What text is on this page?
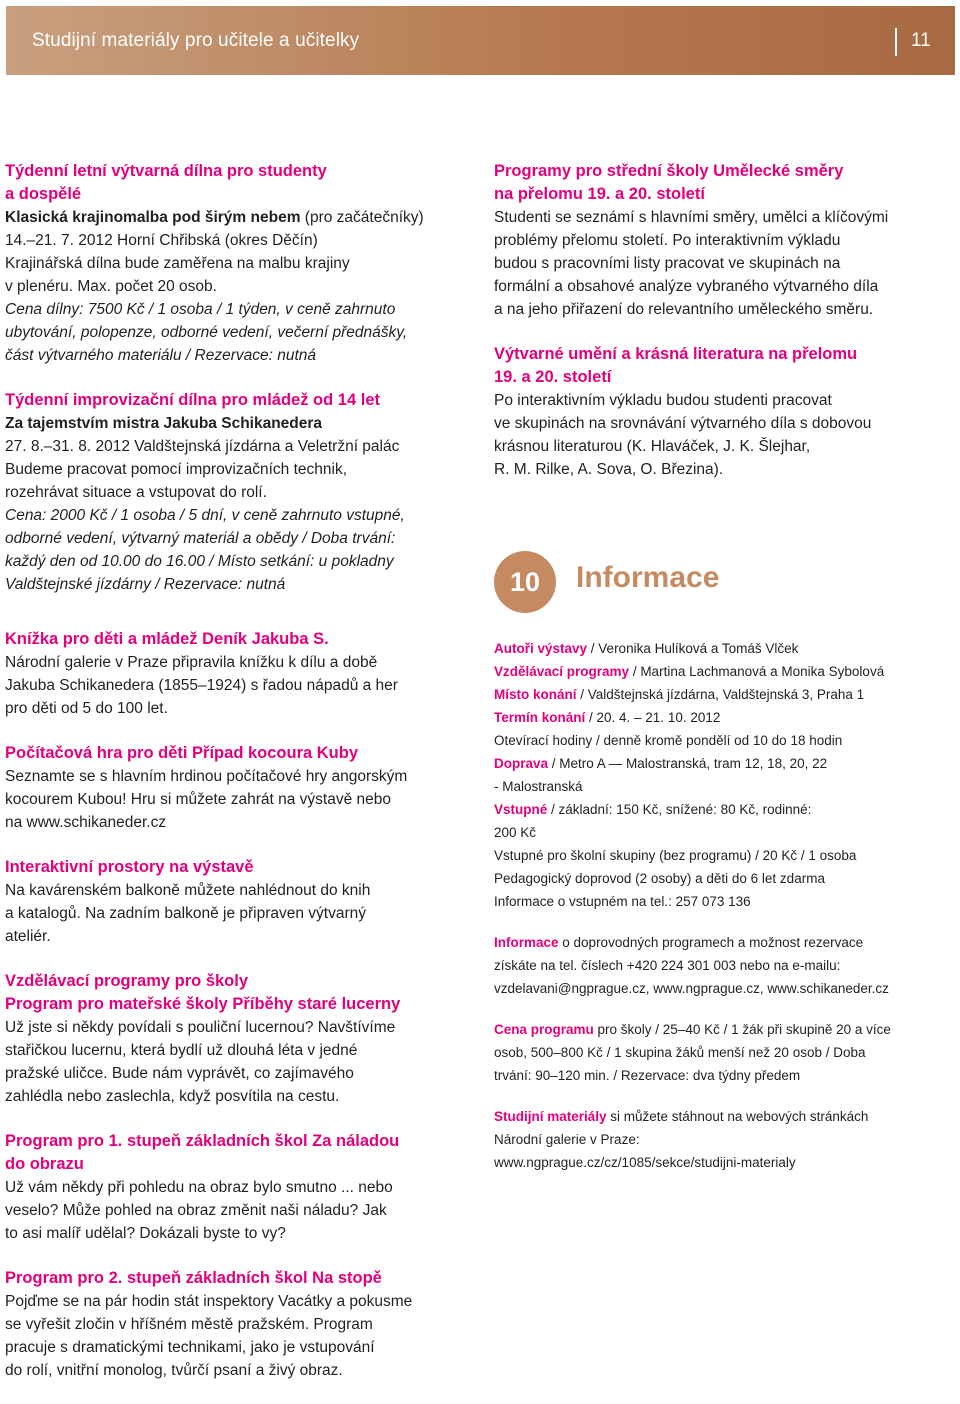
Studijní materiály pro učitele a učitelky	11

Týdenní letní výtvarná dílna pro studenty

a dospělé

Klasická krajinomalba pod širým nebem (pro začátečníky)

14.–21. 7. 2012 Horní Chřibská (okres Děčín)

Krajinářská dílna bude zaměřena na malbu krajiny

v plenéru. Max. počet 20 osob.

Cena dílny: 7500 Kč / 1 osoba / 1 týden, v ceně zahrnuto

ubytování, polopenze, odborné vedení, večerní přednášky,

část výtvarného materiálu / Rezervace: nutná

Týdenní improvizační dílna pro mládež od 14 let

Za tajemstvím mistra Jakuba Schikanedera

27. 8.–31. 8. 2012 Valdštejnská jízdárna a Veletržní palác

Budeme pracovat pomocí improvizačních technik,

rozehrávat situace a vstupovat do rolí.

Cena: 2000 Kč / 1 osoba / 5 dní, v ceně zahrnuto vstupné,

odborné vedení, výtvarný materiál a obědy / Doba trvání:

každý den od 10.00 do 16.00 / Místo setkání: u pokladny

Valdštejnské jízdárny / Rezervace: nutná

Knížka pro děti a mládež Deník Jakuba S.

Národní galerie v Praze připravila knížku k dílu a době

Jakuba Schikanedera (1855–1924) s řadou nápadů a her

pro děti od 5 do 100 let.

Počítačová hra pro děti Případ kocoura Kuby

Seznamte se s hlavním hrdinou počítačové hry angorským

kocourem Kubou! Hru si můžete zahrát na výstavě nebo

na www.schikaneder.cz

Interaktivní prostory na výstavě

Na kavárenském balkoně můžete nahlédnout do knih

a katalogů. Na zadním balkoně je připraven výtvarný

ateliér.

Vzdělávací programy pro školy

Program pro mateřské školy Příběhy staré lucerny

Už jste si někdy povídali s pouliční lucernou? Navštívíme

stařičkou lucernu, která bydlí už dlouhá léta v jedné

pražské uličce. Bude nám vyprávět, co zajímavého

zahlédla nebo zaslechla, když posvítila na cestu.

Program pro 1. stupeň základních škol Za náladou

do obrazu

Už vám někdy při pohledu na obraz bylo smutno ... nebo

veselo? Může pohled na obraz změnit naši náladu? Jak

to asi malíř udělal? Dokázali byste to vy?

Program pro 2. stupeň základních škol Na stopě

Pojďme se na pár hodin stát inspektory Vacátky a pokusme

se vyřešit zločin v hříšném městě pražském. Program

pracuje s dramatickými technikami, jako je vstupování

do rolí, vnitřní monolog, tvůrčí psaní a živý obraz.

Programy pro střední školy Umělecké směry

na přelomu 19. a 20. století

Studenti se seznámí s hlavními směry, umělci a klíčovými

problémy přelomu století. Po interaktivním výkladu

budou s pracovními listy pracovat ve skupinách na

formální a obsahové analýze vybraného výtvarného díla

a na jeho přiřazení do relevantního uměleckého směru.

Výtvarné umění a krásná literatura na přelomu

19. a 20. století

Po interaktivním výkladu budou studenti pracovat

ve skupinách na srovnávání výtvarného díla s dobovou

krásnou literaturou (K. Hlaváček, J. K. Šlejhar,

R. M. Rilke, A. Sova, O. Březina).

10	Informace

Autoři výstavy / Veronika Hulíková a Tomáš Vlček

Vzdělávací programy / Martina Lachmanová a Monika Sybolová

Místo konání / Valdštejnská jízdárna, Valdštejnská 3, Praha 1

Termín konání / 20. 4. – 21. 10. 2012

Otevírací hodiny / denně kromě pondělí od 10 do 18 hodin

Doprava / Metro A — Malostranská, tram 12, 18, 20, 22

- Malostranská

Vstupné / základní: 150 Kč, snížené: 80 Kč, rodinné:

200 Kč

Vstupné pro školní skupiny (bez programu) / 20 Kč / 1 osoba

Pedagogický doprovod (2 osoby) a děti do 6 let zdarma

Informace o vstupném na tel.: 257 073 136

Informace o doprovodných programech a možnost rezervace

získáte na tel. číslech +420 224 301 003 nebo na e-mailu:

vzdelavani@ngprague.cz, www.ngprague.cz, www.schikaneder.cz

Cena programu pro školy / 25–40 Kč / 1 žák při skupině 20 a více

osob, 500–800 Kč / 1 skupina žáků menší než 20 osob / Doba

trvání: 90–120 min. / Rezervace: dva týdny předem

Studijní materiály si můžete stáhnout na webových stránkách

Národní galerie v Praze:

www.ngprague.cz/cz/1085/sekce/studijni-materialy
